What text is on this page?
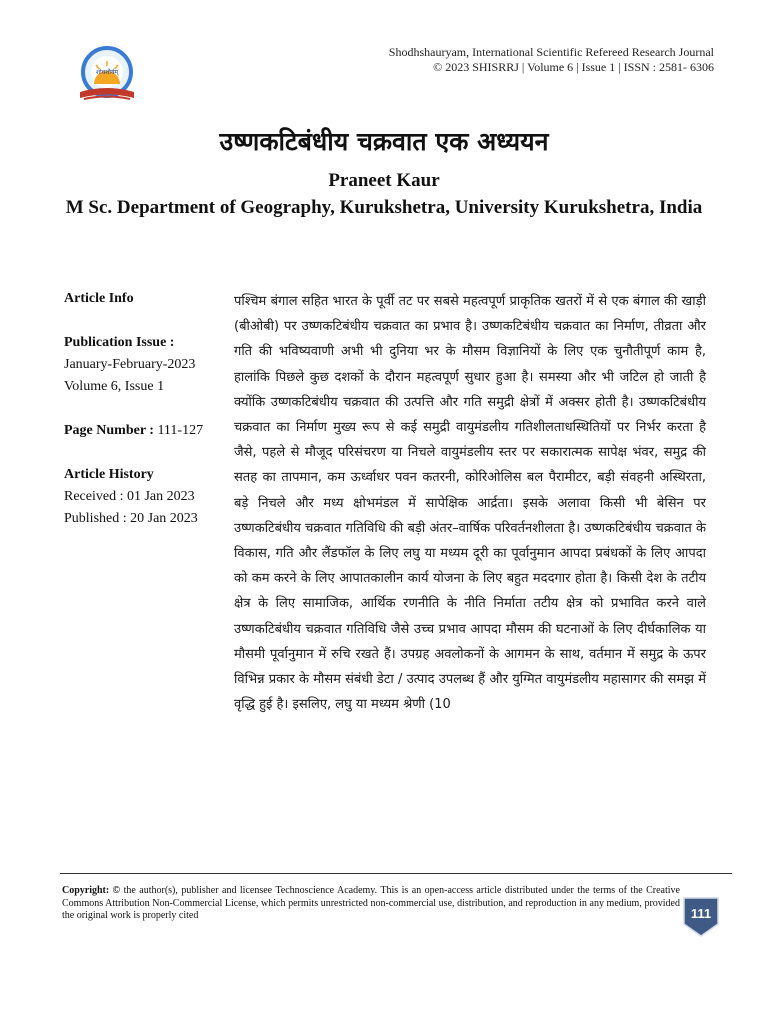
शोधशौर्यम्
Shodhshauryam, International Scientific Refereed Research Journal
© 2023 SHISRRJ | Volume 6 | Issue 1 | ISSN : 2581- 6306
उष्णकटिबंधीय चक्रवात एक अध्ययन
Praneet Kaur
M Sc. Department of Geography, Kurukshetra, University Kurukshetra, India
Article Info
Publication Issue :
January-February-2023
Volume 6, Issue 1
Page Number : 111-127
Article History
Received : 01 Jan 2023
Published : 20 Jan 2023
पश्चिम बंगाल सहित भारत के पूर्वी तट पर सबसे महत्वपूर्ण प्राकृतिक खतरों में से एक बंगाल की खाड़ी (बीओबी) पर उष्णकटिबंधीय चक्रवात का प्रभाव है। उष्णकटिबंधीय चक्रवात का निर्माण, तीव्रता और गति की भविष्यवाणी अभी भी दुनिया भर के मौसम विज्ञानियों के लिए एक चुनौतीपूर्ण काम है, हालांकि पिछले कुछ दशकों के दौरान महत्वपूर्ण सुधार हुआ है। समस्या और भी जटिल हो जाती है क्योंकि उष्णकटिबंधीय चक्रवात की उत्पत्ति और गति समुद्री क्षेत्रों में अक्सर होती है। उष्णकटिबंधीय चक्रवात का निर्माण मुख्य रूप से कई समुद्री वायुमंडलीय गतिशीलताधस्थितियों पर निर्भर करता है जैसे, पहले से मौजूद परिसंचरण या निचले वायुमंडलीय स्तर पर सकारात्मक सापेक्ष भंवर, समुद्र की सतह का तापमान, कम ऊर्ध्वाधर पवन कतरनी, कोरिओलिस बल पैरामीटर, बड़ी संवहनी अस्थिरता, बड़े निचले और मध्य क्षोभमंडल में सापेक्षिक आर्द्रता। इसके अलावा किसी भी बेसिन पर उष्णकटिबंधीय चक्रवात गतिविधि की बड़ी अंतर–वार्षिक परिवर्तनशीलता है। उष्णकटिबंधीय चक्रवात के विकास, गति और लैंडफॉल के लिए लघु या मध्यम दूरी का पूर्वानुमान आपदा प्रबंधकों के लिए आपदा को कम करने के लिए आपातकालीन कार्य योजना के लिए बहुत मददगार होता है। किसी देश के तटीय क्षेत्र के लिए सामाजिक, आर्थिक रणनीति के नीति निर्माता तटीय क्षेत्र को प्रभावित करने वाले उष्णकटिबंधीय चक्रवात गतिविधि जैसे उच्च प्रभाव आपदा मौसम की घटनाओं के लिए दीर्घकालिक या मौसमी पूर्वानुमान में रुचि रखते हैं। उपग्रह अवलोकनों के आगमन के साथ, वर्तमान में समुद्र के ऊपर विभिन्न प्रकार के मौसम संबंधी डेटा / उत्पाद उपलब्ध हैं और युग्मित वायुमंडलीय महासागर की समझ में वृद्धि हुई है। इसलिए, लघु या मध्यम श्रेणी (10
Copyright: © the author(s), publisher and licensee Technoscience Academy. This is an open-access article distributed under the terms of the Creative Commons Attribution Non-Commercial License, which permits unrestricted non-commercial use, distribution, and reproduction in any medium, provided the original work is properly cited	111
